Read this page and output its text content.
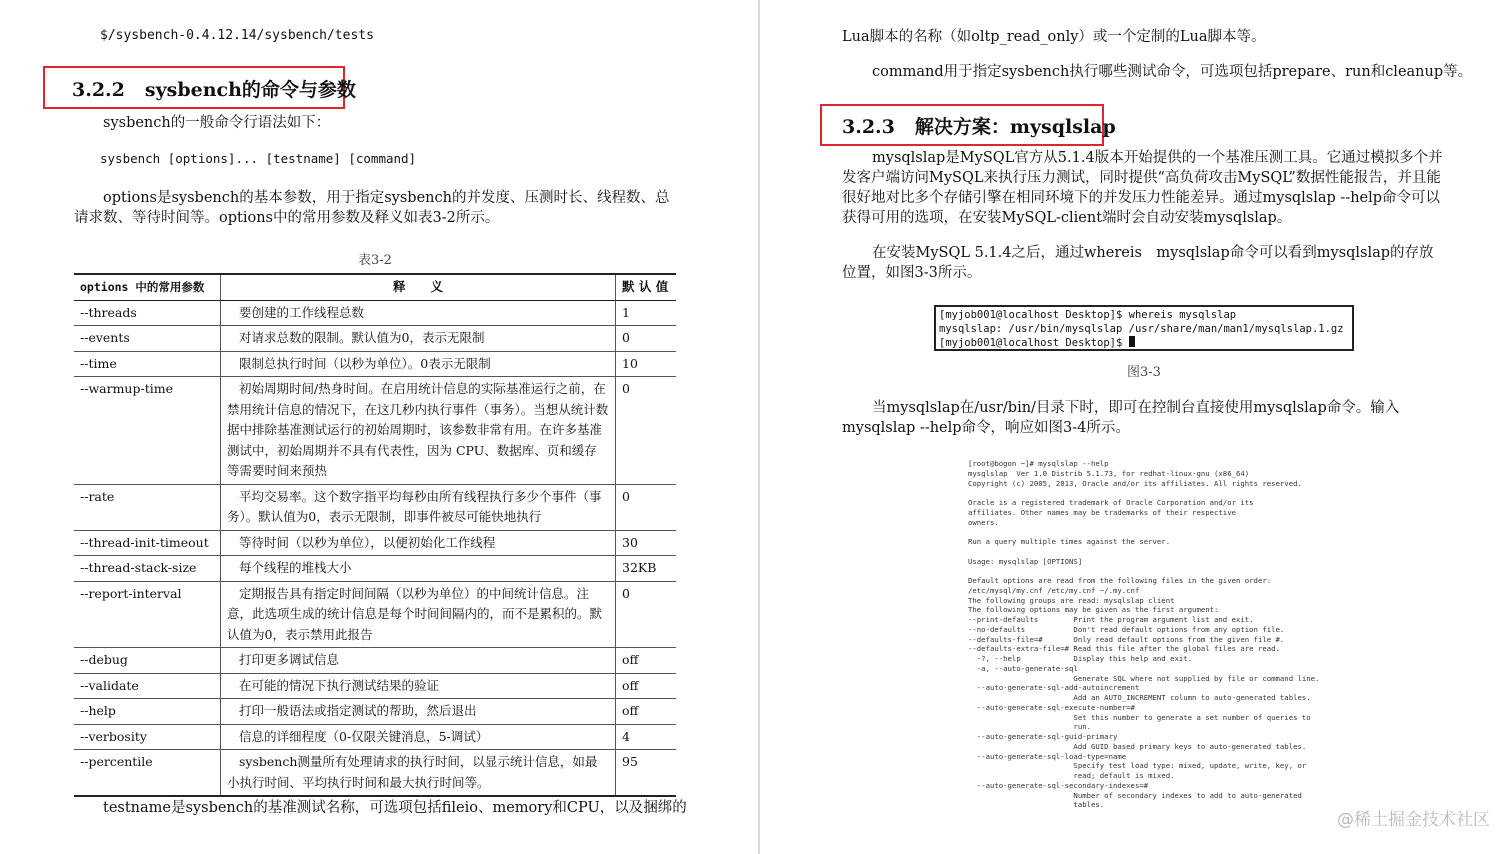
$/sysbench-0.4.12.14/sysbench/tests
3.2.2 sysbench的命令与参数
sysbench的一般命令行语法如下：
sysbench [options]... [testname] [command]
options是sysbench的基本参数，用于指定sysbench的并发度、压测时长、线程数、总请求数、等待时间等。options中的常用参数及释义如表3-2所示。
表3-2
options 中的常用参数	释　　义	默 认 值
--threads	要创建的工作线程总数	1
--events	对请求总数的限制。默认值为0，表示无限制	0
--time	限制总执行时间（以秒为单位）。0表示无限制	10
--warmup-time	初始周期时间/热身时间。在启用统计信息的实际基准运行之前，在禁用统计信息的情况下，在这几秒内执行事件（事务）。当想从统计数据中排除基准测试运行的初始周期时，该参数非常有用。在许多基准测试中，初始周期并不具有代表性，因为 CPU、数据库、页和缓存等需要时间来预热	0
--rate	平均交易率。这个数字指平均每秒由所有线程执行多少个事件（事务）。默认值为0，表示无限制，即事件被尽可能快地执行	0
--thread-init-timeout	等待时间（以秒为单位），以便初始化工作线程	30
--thread-stack-size	每个线程的堆栈大小	32KB
--report-interval	定期报告具有指定时间间隔（以秒为单位）的中间统计信息。注意，此选项生成的统计信息是每个时间间隔内的，而不是累积的。默认值为0，表示禁用此报告	0
--debug	打印更多调试信息	off
--validate	在可能的情况下执行测试结果的验证	off
--help	打印一般语法或指定测试的帮助，然后退出	off
--verbosity	信息的详细程度（0-仅限关键消息，5-调试）	4
--percentile	sysbench测量所有处理请求的执行时间，以显示统计信息，如最小执行时间、平均执行时间和最大执行时间等。	95
testname是sysbench的基准测试名称，可选项包括fileio、memory和CPU，以及捆绑的
Lua脚本的名称（如oltp_read_only）或一个定制的Lua脚本等。
command用于指定sysbench执行哪些测试命令，可选项包括prepare、run和cleanup等。
3.2.3 解决方案：mysqlslap
mysqlslap是MySQL官方从5.1.4版本开始提供的一个基准压测工具。它通过模拟多个并发客户端访问MySQL来执行压力测试，同时提供“高负荷攻击MySQL”数据性能报告，并且能很好地对比多个存储引擎在相同环境下的并发压力性能差异。通过mysqlslap --help命令可以获得可用的选项，在安装MySQL-client端时会自动安装mysqlslap。
在安装MySQL 5.1.4之后，通过whereis　mysqlslap命令可以看到mysqlslap的存放位置，如图3-3所示。
图3-3
当mysqlslap在/usr/bin/目录下时，即可在控制台直接使用mysqlslap命令。输入mysqlslap --help命令，响应如图3-4所示。
[myjob001@localhost Desktop]$ whereis mysqlslap
mysqlslap: /usr/bin/mysqlslap /usr/share/man/man1/mysqlslap.1.gz
[myjob001@localhost Desktop]$
[root@bogon ~]# mysqlslap --help
mysqlslap  Ver 1.0 Distrib 5.1.73, for redhat-linux-gnu (x86_64)
Copyright (c) 2005, 2013, Oracle and/or its affiliates. All rights reserved.
Oracle is a registered trademark of Oracle Corporation and/or its
affiliates. Other names may be trademarks of their respective
owners.
Run a query multiple times against the server.
Usage: mysqlslap [OPTIONS]
Default options are read from the following files in the given order:
/etc/mysql/my.cnf /etc/my.cnf ~/.my.cnf
The following groups are read: mysqlslap client
The following options may be given as the first argument:
--print-defaults        Print the program argument list and exit.
--no-defaults           Don't read default options from any option file.
--defaults-file=#       Only read default options from the given file #.
--defaults-extra-file=# Read this file after the global files are read.
-?, --help            Display this help and exit.
-a, --auto-generate-sql
Generate SQL where not supplied by file or command line.
--auto-generate-sql-add-autoincrement
Add an AUTO_INCREMENT column to auto-generated tables.
--auto-generate-sql-execute-number=#
Set this number to generate a set number of queries to
run.
--auto-generate-sql-guid-primary
Add GUID based primary keys to auto-generated tables.
--auto-generate-sql-load-type=name
Specify test load type: mixed, update, write, key, or
read; default is mixed.
--auto-generate-sql-secondary-indexes=#
Number of secondary indexes to add to auto-generated
tables.
@稀土掘金技术社区
